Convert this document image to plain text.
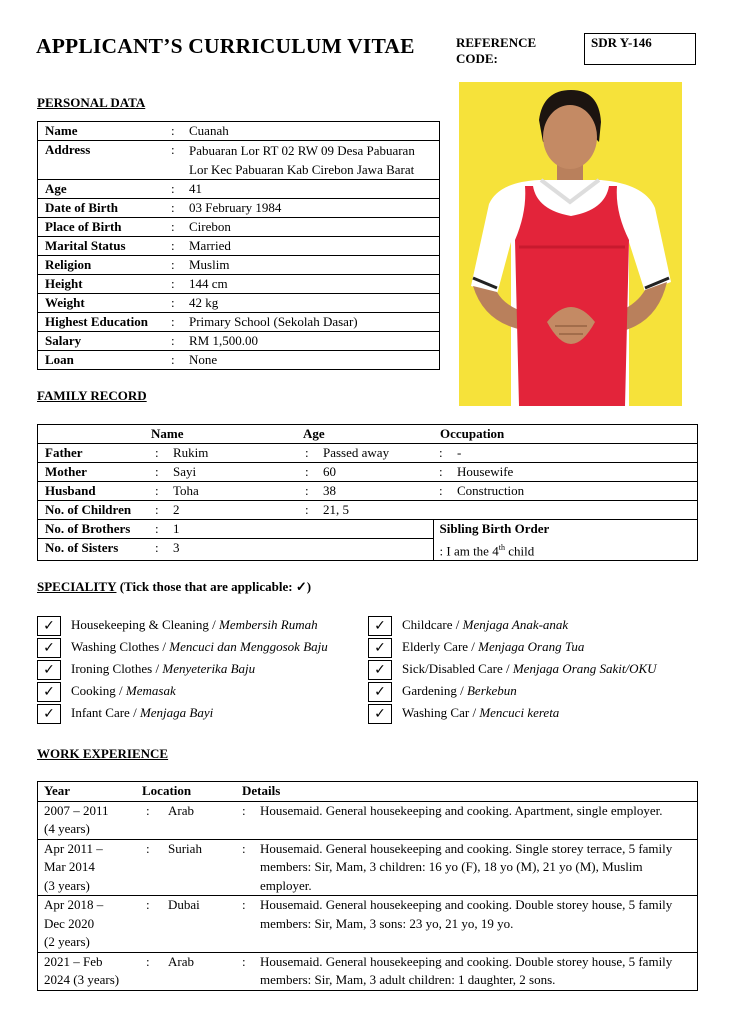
APPLICANT’S CURRICULUM VITAE	REFERENCE
CODE:
SDR Y-146
PERSONAL DATA
Name	:	Cuanah
Address	:	Pabuaran Lor RT 02 RW 09 Desa Pabuaran
Lor Kec Pabuaran Kab Cirebon Jawa Barat

Age	:	41
Date of Birth	:	03 February 1984
Place of Birth	:	Cirebon
Marital Status	:	Married
Religion	:	Muslim
Height	:	144 cm
Weight	:	42 kg
Highest Education	:	Primary School (Sekolah Dasar)
Salary	:	RM 1,500.00
Loan	:	None
FAMILY RECORD
	Name		Age		Occupation	
Father	:	Rukim	:	Passed away	:	-
Mother	:	Sayi	:	60	:	Housewife
Husband	:	Toha	:	38	:	Construction
No. of Children	:	2	:	21, 5		
No. of Brothers	:	1			Sibling Birth Order	
No. of Sisters	:	3			: I am the 4th child	
SPECIALITY (Tick those that are applicable: ✓)
✓	Housekeeping & Cleaning / Membersih Rumah
✓	Washing Clothes / Mencuci dan Menggosok Baju
✓	Ironing Clothes / Menyeterika Baju
✓	Cooking / Memasak
✓	Infant Care / Menjaga Bayi
✓	Childcare / Menjaga Anak-anak
✓	Elderly Care / Menjaga Orang Tua
✓	Sick/Disabled Care / Menjaga Orang Sakit/OKU
✓	Gardening / Berkebun
✓	Washing Car / Mencuci kereta
WORK EXPERIENCE
Year	Location		Details	

2007 – 2011
(4 years)	:	Arab	:	Housemaid. General housekeeping and cooking. Apartment, single employer.

Apr 2011 –
Mar 2014
(3 years)	:	Suriah	:	Housemaid. General housekeeping and cooking. Single storey terrace, 5 family members: Sir, Mam, 3 children: 16 yo (F), 18 yo (M), 21 yo (M), Muslim employer.

Apr 2018 –
Dec 2020
(2 years)	:	Dubai	:	Housemaid. General housekeeping and cooking. Double storey house, 5 family members: Sir, Mam, 3 sons: 23 yo, 21 yo, 19 yo.

2021 – Feb
2024 (3 years)	:	Arab	:	Housemaid. General housekeeping and cooking. Double storey house, 5 family members: Sir, Mam, 3 adult children: 1 daughter, 2 sons.
